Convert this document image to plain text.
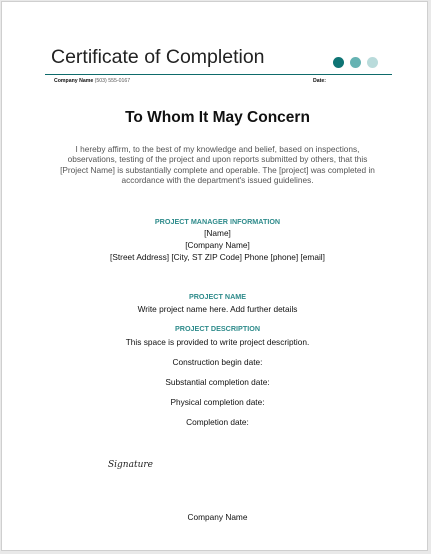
Certificate of Completion
Company Name (503) 555-0167	Date:
To Whom It May Concern
I hereby affirm, to the best of my knowledge and belief, based on inspections, observations, testing of the project and upon reports submitted by others, that this [Project Name] is substantially complete and operable. The [project] was completed in accordance with the department's issued guidelines.
PROJECT MANAGER INFORMATION
[Name]
[Company Name]
[Street Address] [City, ST ZIP Code] Phone [phone] [email]
PROJECT NAME
Write project name here. Add further details
PROJECT DESCRIPTION
This space is provided to write project description.
Construction begin date:
Substantial completion date:
Physical completion date:
Completion date:
Signature
Company Name
